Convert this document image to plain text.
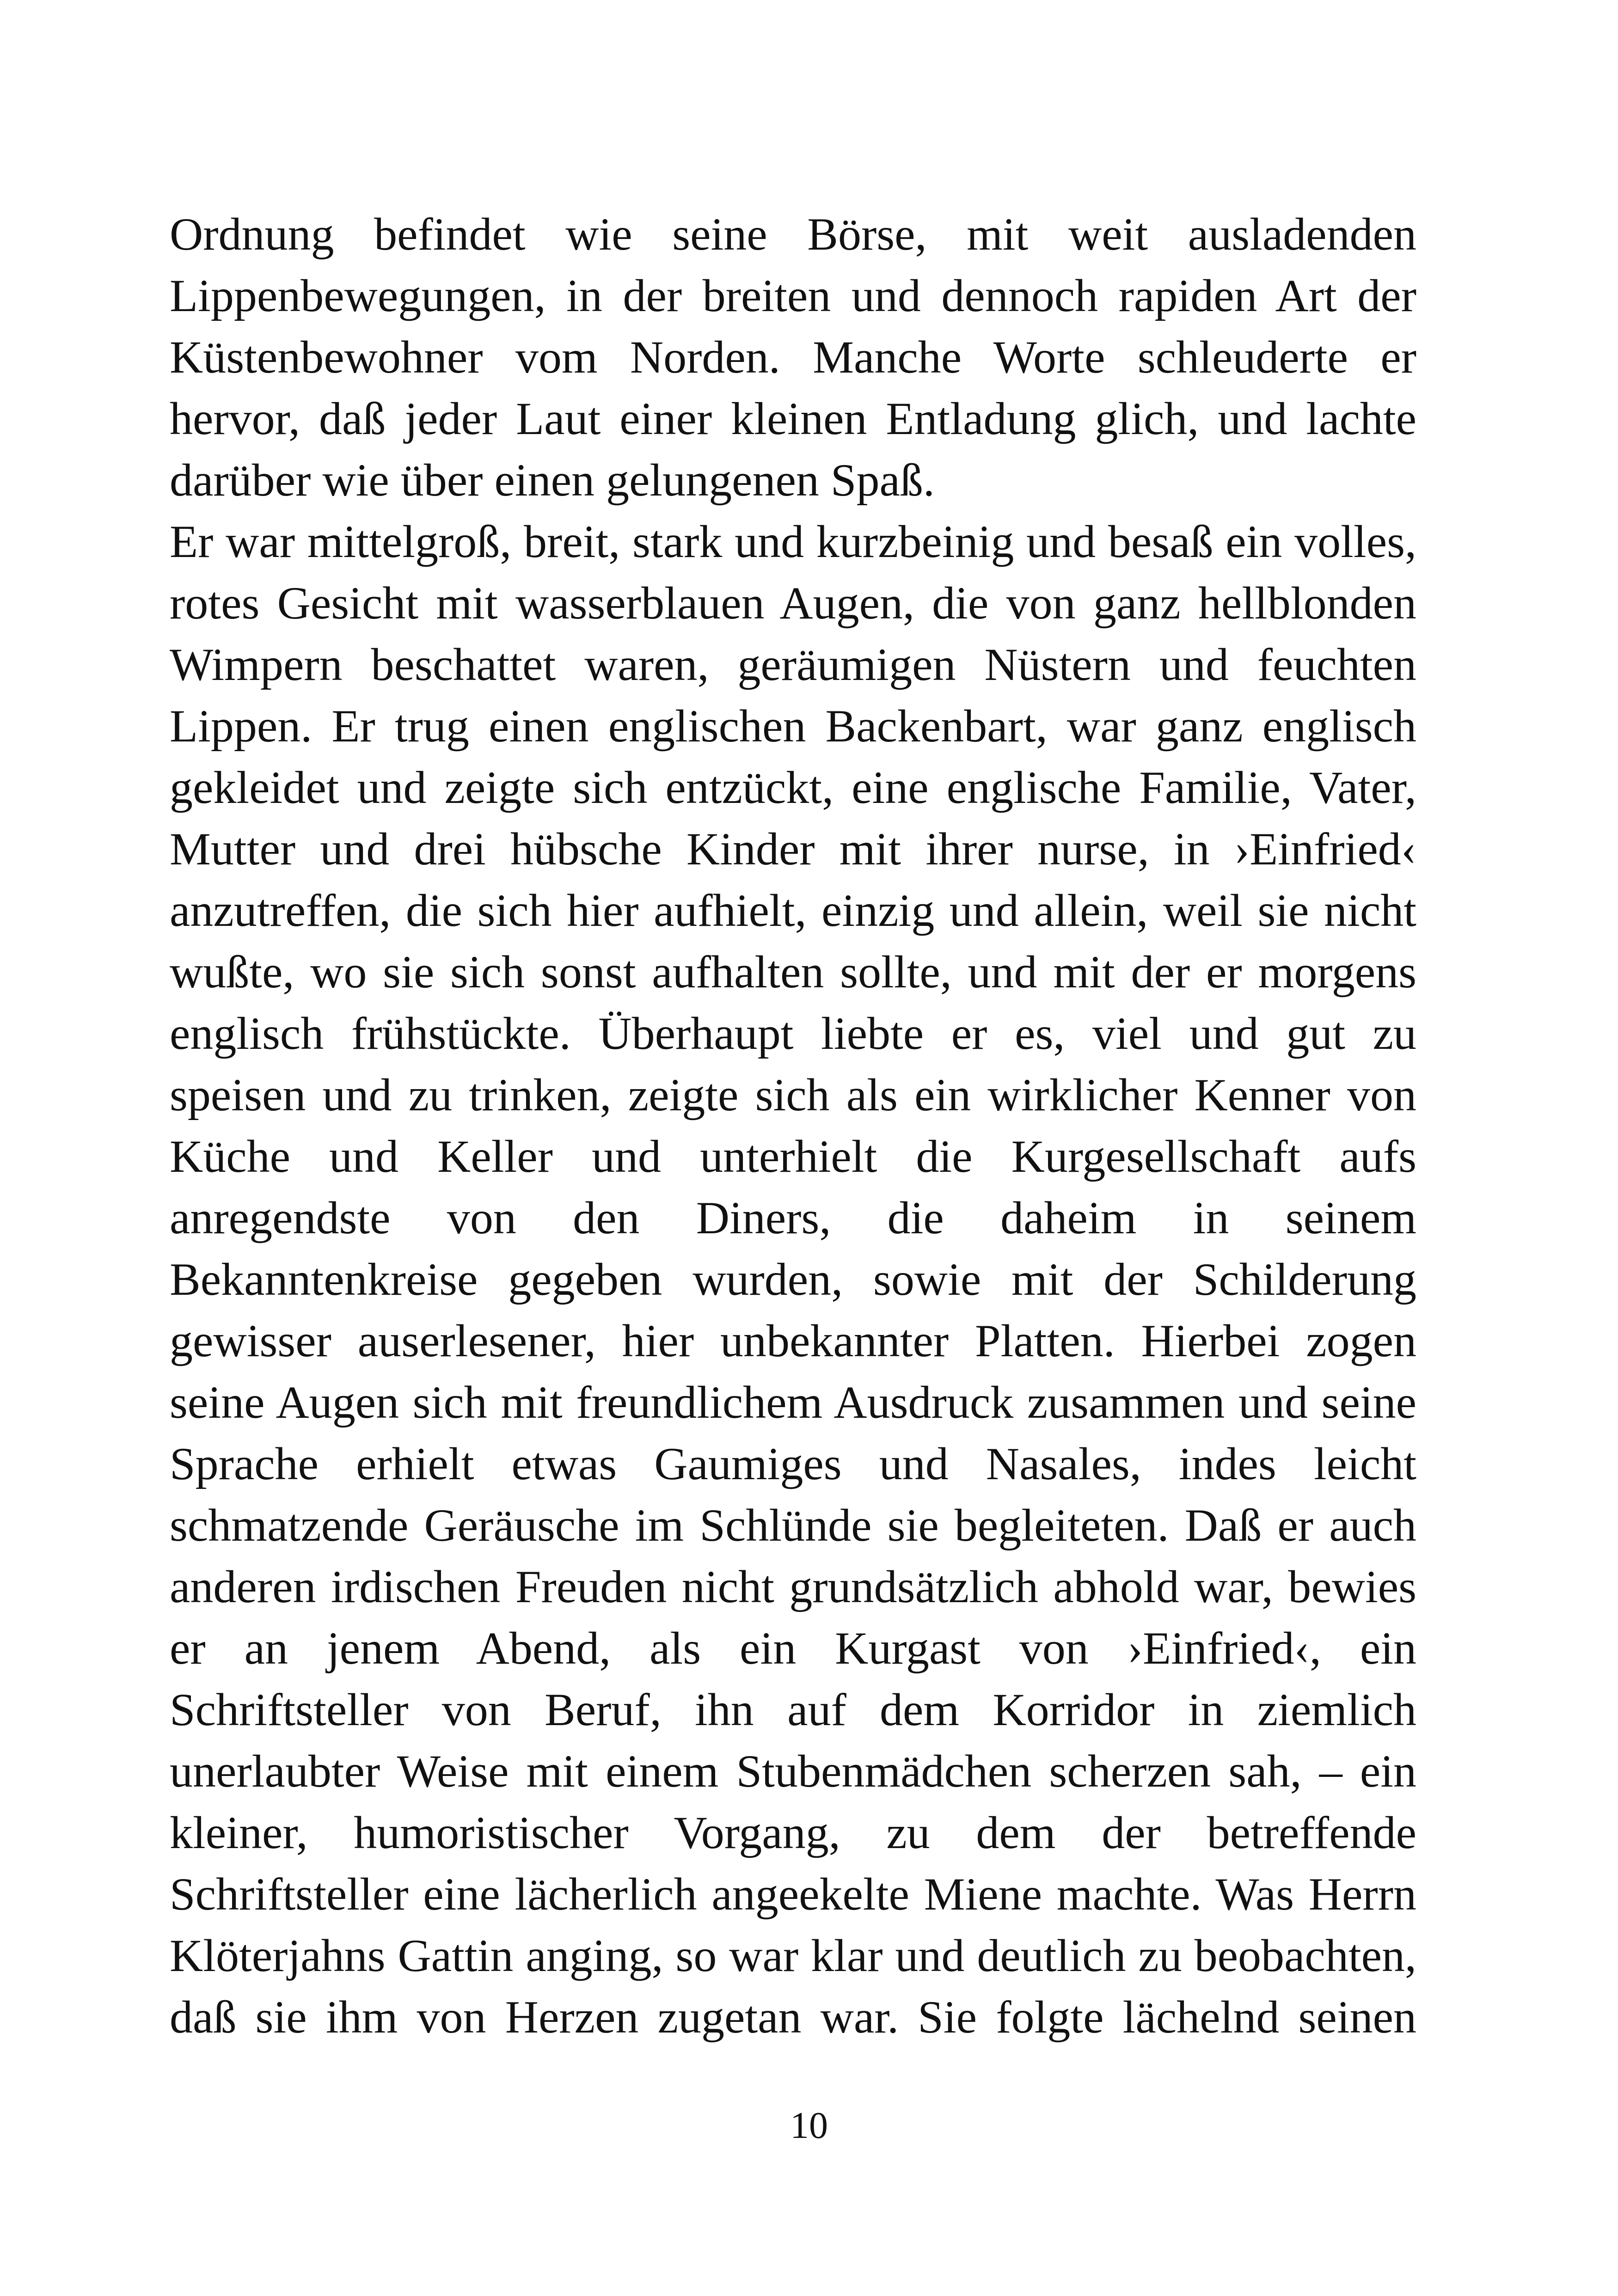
Ordnung befindet wie seine Börse, mit weit ausladenden
Lippenbewegungen, in der breiten und dennoch rapiden Art der
Küstenbewohner vom Norden. Manche Worte schleuderte er
hervor, daß jeder Laut einer kleinen Entladung glich, und lachte
darüber wie über einen gelungenen Spaß.
Er war mittelgroß, breit, stark und kurzbeinig und besaß ein volles,
rotes Gesicht mit wasserblauen Augen, die von ganz hellblonden
Wimpern beschattet waren, geräumigen Nüstern und feuchten
Lippen. Er trug einen englischen Backenbart, war ganz englisch
gekleidet und zeigte sich entzückt, eine englische Familie, Vater,
Mutter und drei hübsche Kinder mit ihrer nurse, in ›Einfried‹
anzutreffen, die sich hier aufhielt, einzig und allein, weil sie nicht
wußte, wo sie sich sonst aufhalten sollte, und mit der er morgens
englisch frühstückte. Überhaupt liebte er es, viel und gut zu
speisen und zu trinken, zeigte sich als ein wirklicher Kenner von
Küche und Keller und unterhielt die Kurgesellschaft aufs
anregendste von den Diners, die daheim in seinem
Bekanntenkreise gegeben wurden, sowie mit der Schilderung
gewisser auserlesener, hier unbekannter Platten. Hierbei zogen
seine Augen sich mit freundlichem Ausdruck zusammen und seine
Sprache erhielt etwas Gaumiges und Nasales, indes leicht
schmatzende Geräusche im Schlünde sie begleiteten. Daß er auch
anderen irdischen Freuden nicht grundsätzlich abhold war, bewies
er an jenem Abend, als ein Kurgast von ›Einfried‹, ein
Schriftsteller von Beruf, ihn auf dem Korridor in ziemlich
unerlaubter Weise mit einem Stubenmädchen scherzen sah, – ein
kleiner, humoristischer Vorgang, zu dem der betreffende
Schriftsteller eine lächerlich angeekelte Miene machte. Was Herrn
Klöterjahns Gattin anging, so war klar und deutlich zu beobachten,
daß sie ihm von Herzen zugetan war. Sie folgte lächelnd seinen
10
